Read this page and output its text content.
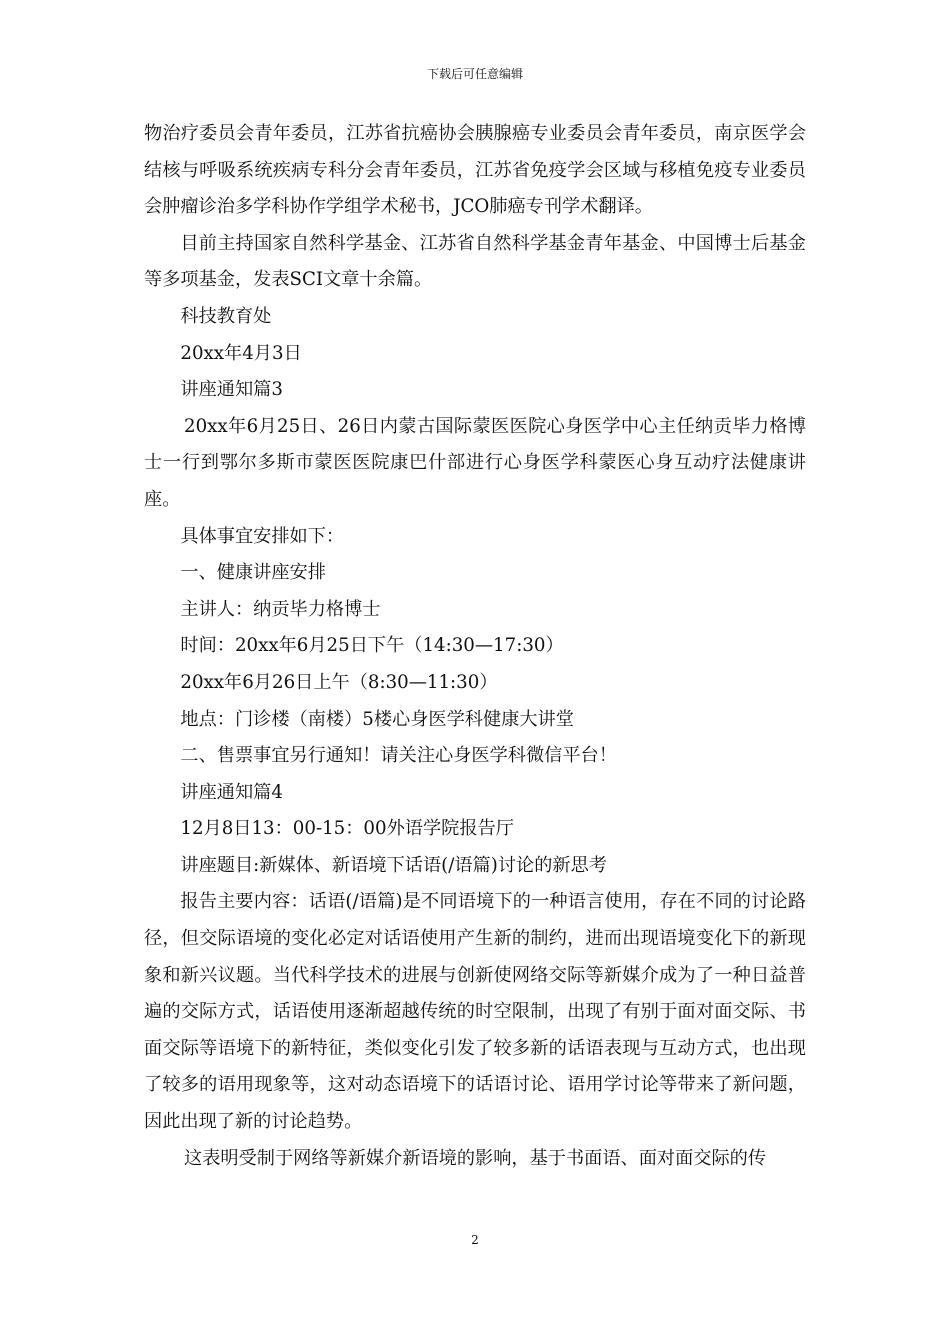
下载后可任意编辑

物治疗委员会青年委员，江苏省抗癌协会胰腺癌专业委员会青年委员，南京医学会结核与呼吸系统疾病专科分会青年委员，江苏省免疫学会区域与移植免疫专业委员会肿瘤诊治多学科协作学组学术秘书，JCO肺癌专刊学术翻译。

目前主持国家自然科学基金、江苏省自然科学基金青年基金、中国博士后基金等多项基金，发表SCI文章十余篇。

科技教育处

20xx年4月3日

讲座通知篇3

20xx年6月25日、26日内蒙古国际蒙医医院心身医学中心主任纳贡毕力格博士一行到鄂尔多斯市蒙医医院康巴什部进行心身医学科蒙医心身互动疗法健康讲座。

具体事宜安排如下：

一、健康讲座安排

主讲人：纳贡毕力格博士

时间：20xx年6月25日下午（14:30—17:30）

20xx年6月26日上午（8:30—11:30）

地点：门诊楼（南楼）5楼心身医学科健康大讲堂

二、售票事宜另行通知！请关注心身医学科微信平台！

讲座通知篇4

12月8日13：00-15：00外语学院报告厅

讲座题目:新媒体、新语境下话语(/语篇)讨论的新思考

报告主要内容：话语(/语篇)是不同语境下的一种语言使用，存在不同的讨论路径，但交际语境的变化必定对话语使用产生新的制约，进而出现语境变化下的新现象和新兴议题。当代科学技术的进展与创新使网络交际等新媒介成为了一种日益普遍的交际方式，话语使用逐渐超越传统的时空限制，出现了有别于面对面交际、书面交际等语境下的新特征，类似变化引发了较多新的话语表现与互动方式，也出现了较多的语用现象等，这对动态语境下的话语讨论、语用学讨论等带来了新问题，因此出现了新的讨论趋势。

这表明受制于网络等新媒介新语境的影响，基于书面语、面对面交际的传

2
